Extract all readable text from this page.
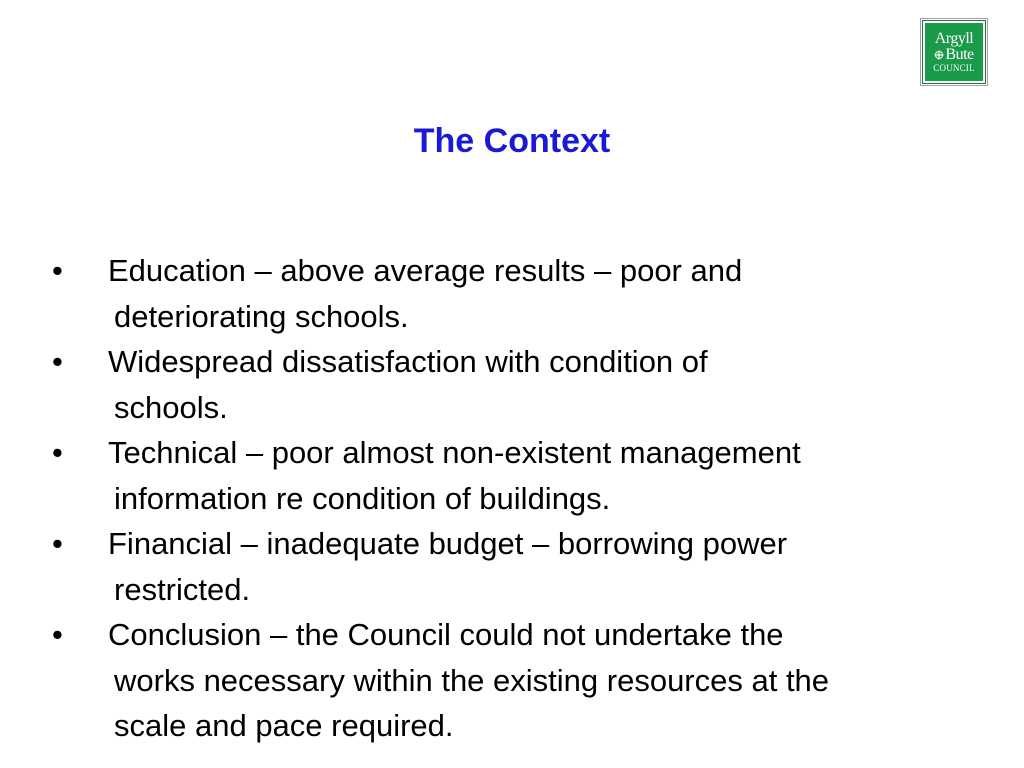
Argyll
Bute
COUNCIL
The Context
• Education – above average results – poor and
deteriorating schools.
• Widespread dissatisfaction with condition of
schools.
• Technical – poor almost non-existent management
information re condition of buildings.
• Financial – inadequate budget – borrowing power
restricted.
• Conclusion – the Council could not undertake the
works necessary within the existing resources at the
scale and pace required.
